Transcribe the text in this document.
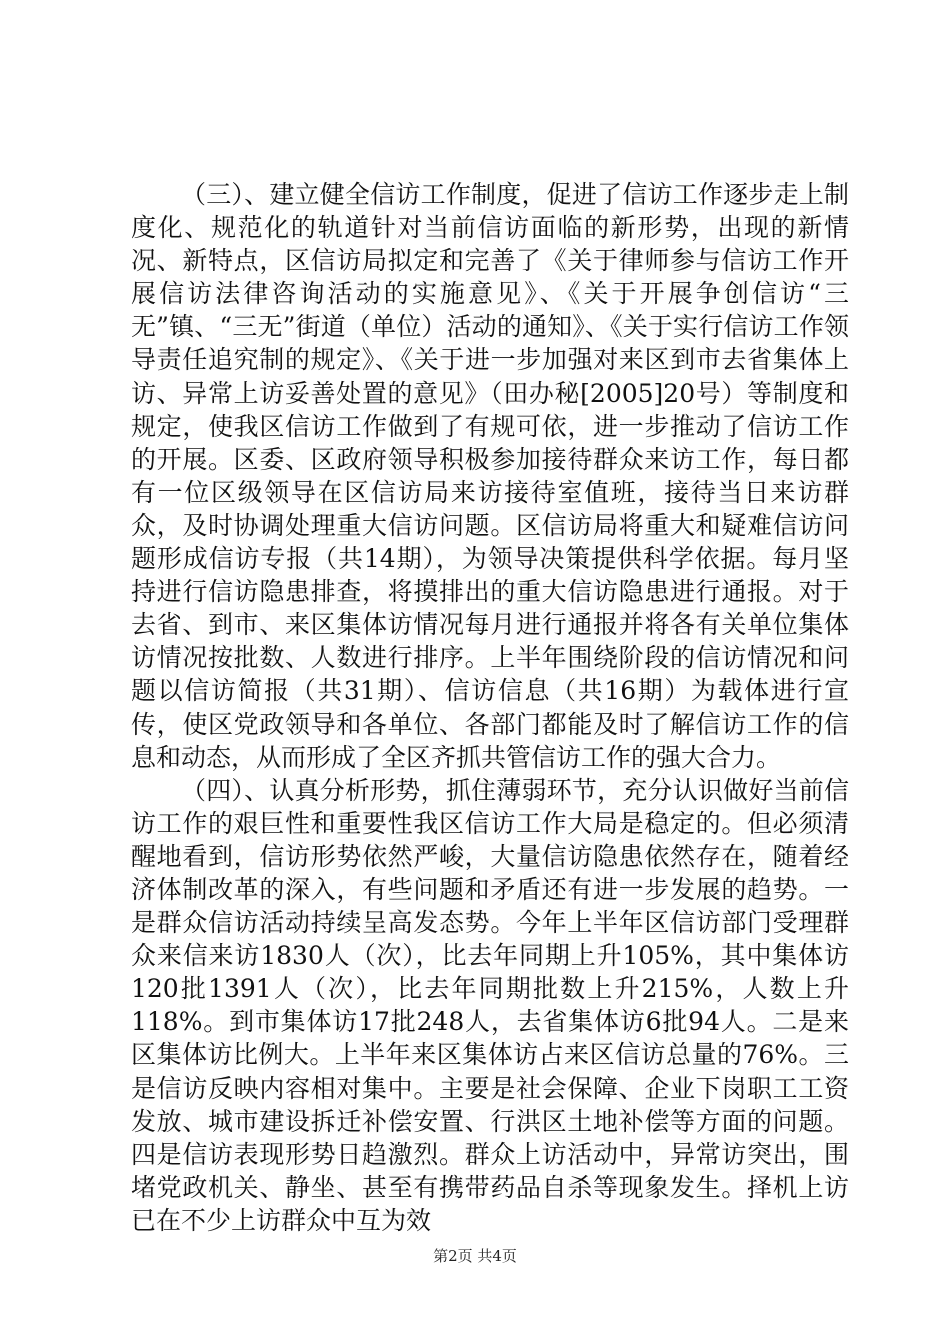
（三）、建立健全信访工作制度，促进了信访工作逐步走上制度化、规范化的轨道针对当前信访面临的新形势，出现的新情况、新特点，区信访局拟定和完善了《关于律师参与信访工作开展信访法律咨询活动的实施意见》、《关于开展争创信访“三无”镇、“三无”街道（单位）活动的通知》、《关于实行信访工作领导责任追究制的规定》、《关于进一步加强对来区到市去省集体上访、异常上访妥善处置的意见》（田办秘[2005]20号）等制度和规定，使我区信访工作做到了有规可依，进一步推动了信访工作的开展。区委、区政府领导积极参加接待群众来访工作，每日都有一位区级领导在区信访局来访接待室值班，接待当日来访群众，及时协调处理重大信访问题。区信访局将重大和疑难信访问题形成信访专报（共14期），为领导决策提供科学依据。每月坚持进行信访隐患排查，将摸排出的重大信访隐患进行通报。对于去省、到市、来区集体访情况每月进行通报并将各有关单位集体访情况按批数、人数进行排序。上半年围绕阶段的信访情况和问题以信访简报（共31期）、信访信息（共16期）为载体进行宣传，使区党政领导和各单位、各部门都能及时了解信访工作的信息和动态，从而形成了全区齐抓共管信访工作的强大合力。

（四）、认真分析形势，抓住薄弱环节，充分认识做好当前信访工作的艰巨性和重要性我区信访工作大局是稳定的。但必须清醒地看到，信访形势依然严峻，大量信访隐患依然存在，随着经济体制改革的深入，有些问题和矛盾还有进一步发展的趋势。一是群众信访活动持续呈高发态势。今年上半年区信访部门受理群众来信来访1830人（次），比去年同期上升105%，其中集体访120批1391人（次），比去年同期批数上升215%，人数上升118%。到市集体访17批248人，去省集体访6批94人。二是来区集体访比例大。上半年来区集体访占来区信访总量的76%。三是信访反映内容相对集中。主要是社会保障、企业下岗职工工资发放、城市建设拆迁补偿安置、行洪区土地补偿等方面的问题。四是信访表现形势日趋激烈。群众上访活动中，异常访突出，围堵党政机关、静坐、甚至有携带药品自杀等现象发生。择机上访已在不少上访群众中互为效

第2页 共4页
